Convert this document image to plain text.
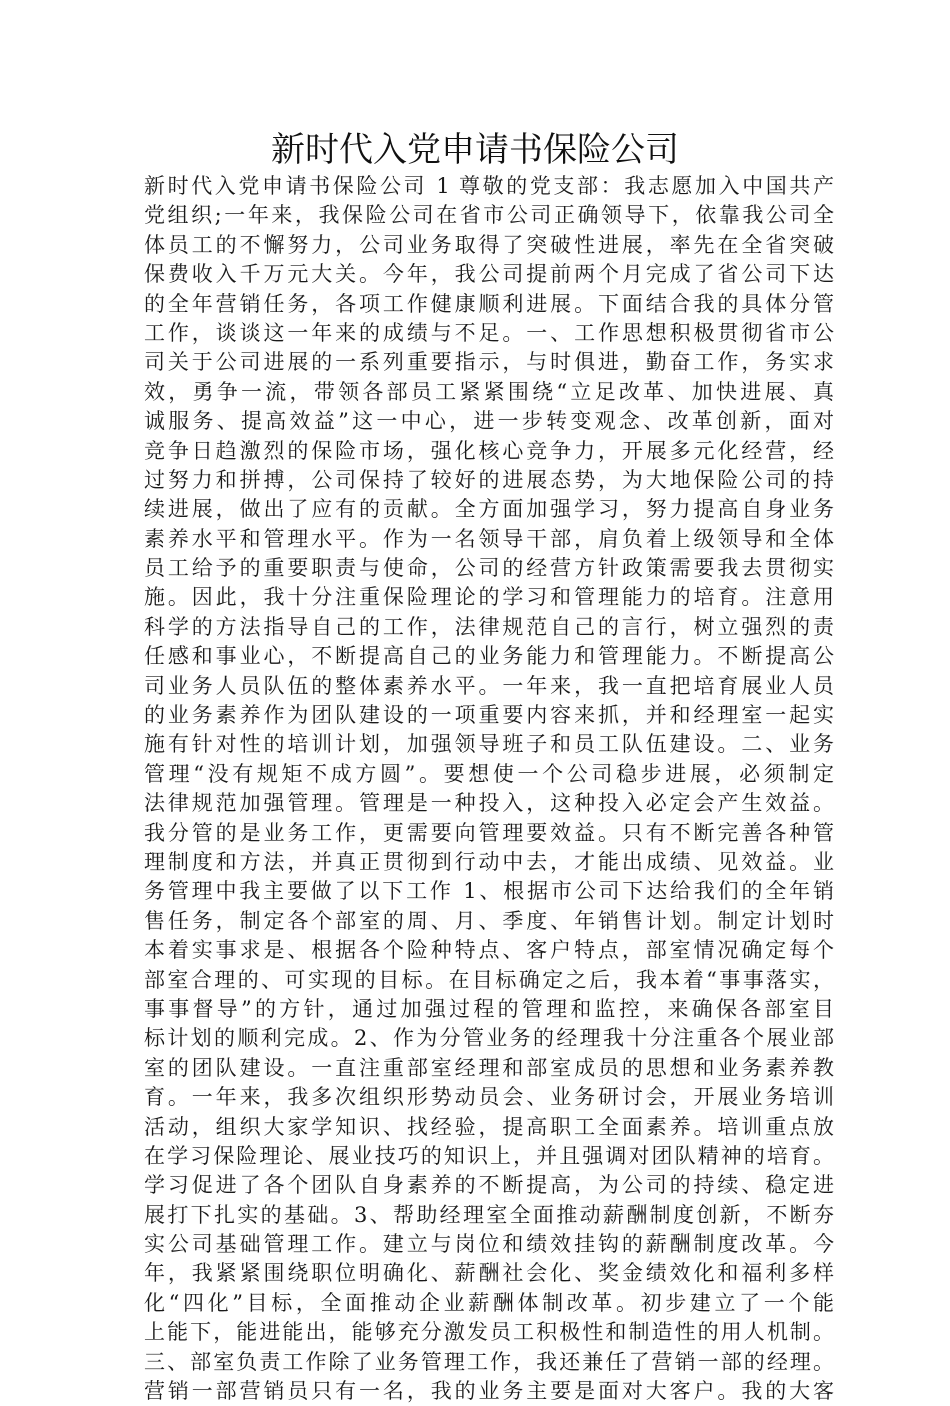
新时代入党申请书保险公司
新时代入党申请书保险公司 1 尊敬的党支部：我志愿加入中国共产
党组织;一年来，我保险公司在省市公司正确领导下，依靠我公司全
体员工的不懈努力，公司业务取得了突破性进展，率先在全省突破
保费收入千万元大关。今年，我公司提前两个月完成了省公司下达
的全年营销任务，各项工作健康顺利进展。下面结合我的具体分管
工作，谈谈这一年来的成绩与不足。一、工作思想积极贯彻省市公
司关于公司进展的一系列重要指示，与时俱进，勤奋工作，务实求
效，勇争一流，带领各部员工紧紧围绕“立足改革、加快进展、真
诚服务、提高效益”这一中心，进一步转变观念、改革创新，面对
竞争日趋激烈的保险市场，强化核心竞争力，开展多元化经营，经
过努力和拼搏，公司保持了较好的进展态势，为大地保险公司的持
续进展，做出了应有的贡献。全方面加强学习，努力提高自身业务
素养水平和管理水平。作为一名领导干部，肩负着上级领导和全体
员工给予的重要职责与使命，公司的经营方针政策需要我去贯彻实
施。因此，我十分注重保险理论的学习和管理能力的培育。注意用
科学的方法指导自己的工作，法律规范自己的言行，树立强烈的责
任感和事业心，不断提高自己的业务能力和管理能力。不断提高公
司业务人员队伍的整体素养水平。一年来，我一直把培育展业人员
的业务素养作为团队建设的一项重要内容来抓，并和经理室一起实
施有针对性的培训计划，加强领导班子和员工队伍建设。二、业务
管理“没有规矩不成方圆”。要想使一个公司稳步进展，必须制定
法律规范加强管理。管理是一种投入，这种投入必定会产生效益。
我分管的是业务工作，更需要向管理要效益。只有不断完善各种管
理制度和方法，并真正贯彻到行动中去，才能出成绩、见效益。业
务管理中我主要做了以下工作 1、根据市公司下达给我们的全年销
售任务，制定各个部室的周、月、季度、年销售计划。制定计划时
本着实事求是、根据各个险种特点、客户特点，部室情况确定每个
部室合理的、可实现的目标。在目标确定之后，我本着“事事落实，
事事督导”的方针，通过加强过程的管理和监控，来确保各部室目
标计划的顺利完成。2、作为分管业务的经理我十分注重各个展业部
室的团队建设。一直注重部室经理和部室成员的思想和业务素养教
育。一年来，我多次组织形势动员会、业务研讨会，开展业务培训
活动，组织大家学知识、找经验，提高职工全面素养。培训重点放
在学习保险理论、展业技巧的知识上，并且强调对团队精神的培育。
学习促进了各个团队自身素养的不断提高，为公司的持续、稳定进
展打下扎实的基础。3、帮助经理室全面推动薪酬制度创新，不断夯
实公司基础管理工作。建立与岗位和绩效挂钩的薪酬制度改革。今
年，我紧紧围绕职位明确化、薪酬社会化、奖金绩效化和福利多样
化“四化”目标，全面推动企业薪酬体制改革。初步建立了一个能
上能下，能进能出，能够充分激发员工积极性和制造性的用人机制。
三、部室负责工作除了业务管理工作，我还兼任了营销一部的经理。
营销一部营销员只有一名，我的业务主要是面对大客户。我的大客
